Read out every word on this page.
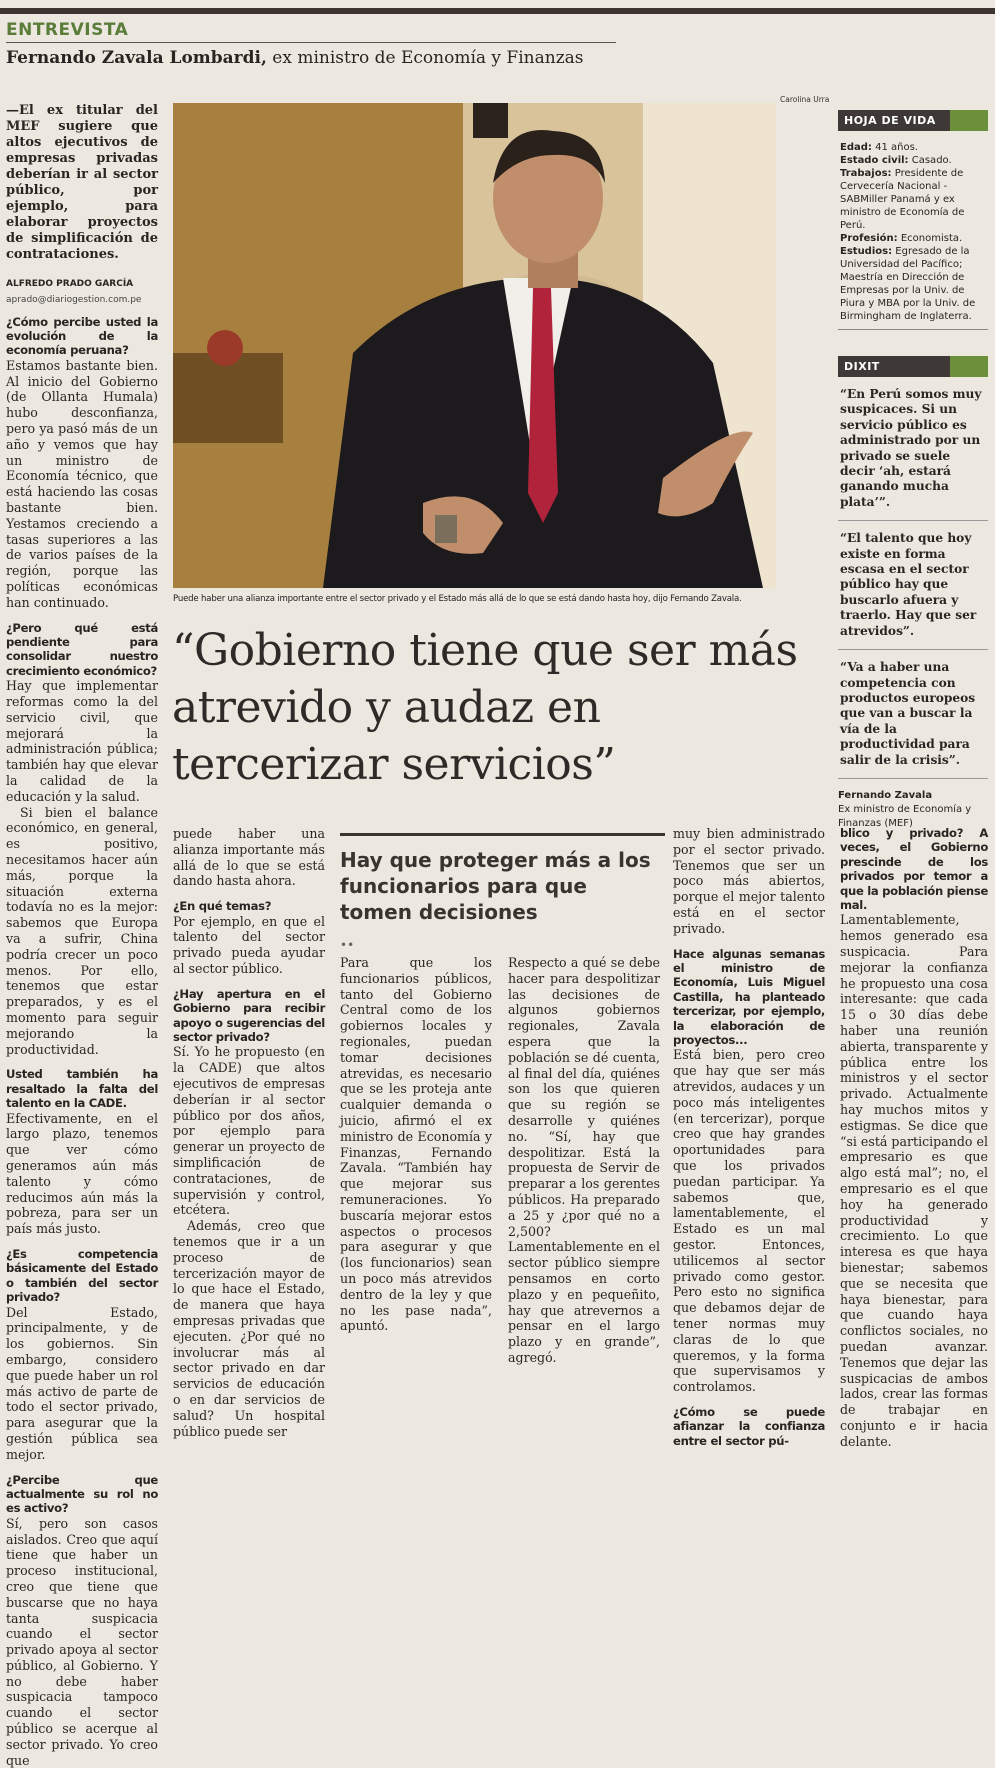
ENTREVISTA
Fernando Zavala Lombardi, ex ministro de Economía y Finanzas

—El ex titular del MEF sugiere que altos ejecutivos de empresas privadas deberían ir al sector público, por ejemplo, para elaborar proyectos de simplificación de contrataciones.

ALFREDO PRADO GARCÍA

aprado@diariogestion.com.pe

¿Cómo percibe usted la evolución de la economía peruana?

Estamos bastante bien. Al inicio del Gobierno (de Ollanta Humala) hubo desconfianza, pero ya pasó más de un año y vemos que hay un ministro de Economía técnico, que está haciendo las cosas bastante bien. Yestamos creciendo a tasas superiores a las de varios países de la región, porque las políticas económicas han continuado.

¿Pero qué está pendiente para consolidar nuestro crecimiento económico?

Hay que implementar reformas como la del servicio civil, que mejorará la administración pública; también hay que elevar la calidad de la educación y la salud.

Si bien el balance económico, en general, es positivo, necesitamos hacer aún más, porque la situación externa todavía no es la mejor: sabemos que Europa va a sufrir, China podría crecer un poco menos. Por ello, tenemos que estar preparados, y es el momento para seguir mejorando la productividad.

Usted también ha resaltado la falta del talento en la CADE.

Efectivamente, en el largo plazo, tenemos que ver cómo generamos aún más talento y cómo reducimos aún más la pobreza, para ser un país más justo.

¿Es competencia básicamente del Estado o también del sector privado?

Del Estado, principalmente, y de los gobiernos. Sin embargo, considero que puede haber un rol más activo de parte de todo el sector privado, para asegurar que la gestión pública sea mejor.

¿Percibe que actualmente su rol no es activo?

Sí, pero son casos aislados. Creo que aquí tiene que haber un proceso institucional, creo que tiene que buscarse que no haya tanta suspicacia cuando el sector privado apoya al sector público, al Gobierno. Y no debe haber suspicacia tampoco cuando el sector público se acerque al sector privado. Yo creo que

Carolina Urra
Puede haber una alianza importante entre el sector privado y el Estado más allá de lo que se está dando hasta hoy, dijo Fernando Zavala.
“Gobierno tiene que ser más atrevido y audaz en tercerizar servicios”

puede haber una alianza importante más allá de lo que se está dando hasta ahora.

¿En qué temas?

Por ejemplo, en que el talento del sector privado pueda ayudar al sector público.

¿Hay apertura en el Gobierno para recibir apoyo o sugerencias del sector privado?

Sí. Yo he propuesto (en la CADE) que altos ejecutivos de empresas deberían ir al sector público por dos años, por ejemplo para generar un proyecto de simplificación de contrataciones, de supervisión y control, etcétera.

Además, creo que tenemos que ir a un proceso de tercerización mayor de lo que hace el Estado, de manera que haya empresas privadas que ejecuten. ¿Por qué no involucrar más al sector privado en dar servicios de educación o en dar servicios de salud? Un hospital público puede ser

Hay que proteger más a los funcionarios para que tomen decisiones
••

Para que los funcionarios públicos, tanto del Gobierno Central como de los gobiernos locales y regionales, puedan tomar decisiones atrevidas, es necesario que se les proteja ante cualquier demanda o juicio, afirmó el ex ministro de Economía y Finanzas, Fernando Zavala. “También hay que mejorar sus remuneraciones. Yo buscaría mejorar estos aspectos o procesos para asegurar y que (los funcionarios) sean un poco más atrevidos dentro de la ley y que no les pase nada”, apuntó.

Respecto a qué se debe hacer para despolitizar las decisiones de algunos gobiernos regionales, Zavala espera que la población se dé cuenta, al final del día, quiénes son los que quieren que su región se desarrolle y quiénes no. “Sí, hay que despolitizar. Está la propuesta de Servir de preparar a los gerentes públicos. Ha preparado a 25 y ¿por qué no a 2,500? Lamentablemente en el sector público siempre pensamos en corto plazo y en pequeñito, hay que atrevernos a pensar en el largo plazo y en grande”, agregó.

muy bien administrado por el sector privado. Tenemos que ser un poco más abiertos, porque el mejor talento está en el sector privado.

Hace algunas semanas el ministro de Economía, Luis Miguel Castilla, ha planteado tercerizar, por ejemplo, la elaboración de proyectos...

Está bien, pero creo que hay que ser más atrevidos, audaces y un poco más inteligentes (en tercerizar), porque creo que hay grandes oportunidades para que los privados puedan participar. Ya sabemos que, lamentablemente, el Estado es un mal gestor. Entonces, utilicemos al sector privado como gestor. Pero esto no significa que debamos dejar de tener normas muy claras de lo que queremos, y la forma que supervisamos y controlamos.

¿Cómo se puede afianzar la confianza entre el sector pú-

blico y privado? A veces, el Gobierno prescinde de los privados por temor a que la población piense mal.

Lamentablemente, hemos generado esa suspicacia. Para mejorar la confianza he propuesto una cosa interesante: que cada 15 o 30 días debe haber una reunión abierta, transparente y pública entre los ministros y el sector privado. Actualmente hay muchos mitos y estigmas. Se dice que “si está participando el empresario es que algo está mal”; no, el empresario es el que hoy ha generado productividad y crecimiento. Lo que interesa es que haya bienestar; sabemos que se necesita que haya bienestar, para que cuando haya conflictos sociales, no puedan avanzar. Tenemos que dejar las suspicacias de ambos lados, crear las formas de trabajar en conjunto e ir hacia delante.

HOJA DE VIDA

Edad: 41 años.

Estado civil: Casado.

Trabajos: Presidente de Cervecería Nacional - SABMiller Panamá y ex ministro de Economía de Perú.

Profesión: Economista.

Estudios: Egresado de la Universidad del Pacífico; Maestría en Dirección de Empresas por la Univ. de Piura y MBA por la Univ. de Birmingham de Inglaterra.

DIXIT
“En Perú somos muy suspicaces. Si un servicio público es administrado por un privado se suele decir ‘ah, estará ganando mucha plata’”.
“El talento que hoy existe en forma escasa en el sector público hay que buscarlo afuera y traerlo. Hay que ser atrevidos”.
“Va a haber una competencia con productos europeos que van a buscar la vía de la productividad para salir de la crisis”.
Fernando Zavala
Ex ministro de Economía y Finanzas (MEF)
